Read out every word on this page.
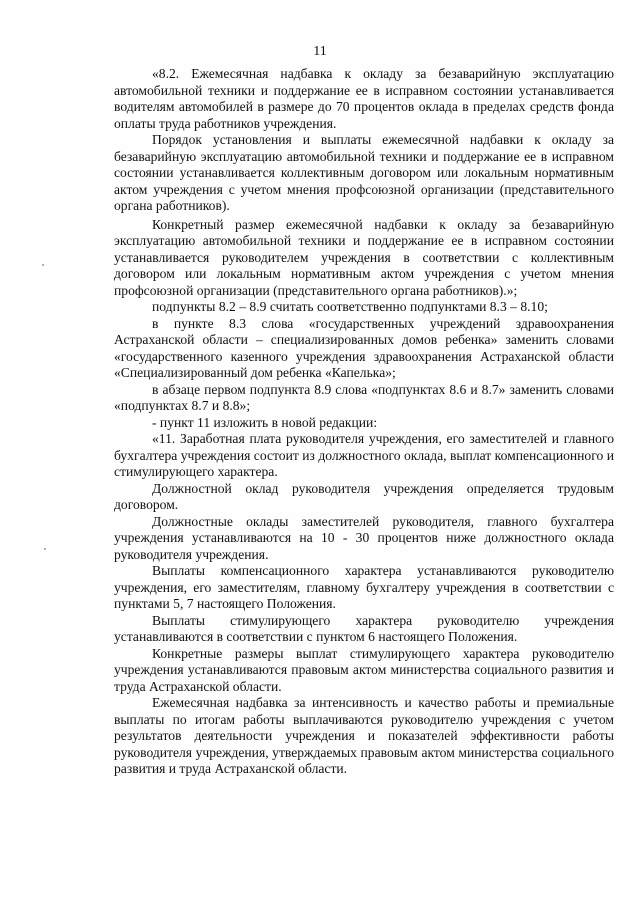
11

«8.2. Ежемесячная надбавка к окладу за безаварийную эксплуатацию автомобильной техники и поддержание ее в исправном состоянии устанавливается водителям автомобилей в размере до 70 процентов оклада в пределах средств фонда оплаты труда работников учреждения.

Порядок установления и выплаты ежемесячной надбавки к окладу за безаварийную эксплуатацию автомобильной техники и поддержание ее в исправном состоянии устанавливается коллективным договором или локальным нормативным актом учреждения с учетом мнения профсоюзной организации (представительного органа работников).

Конкретный размер ежемесячной надбавки к окладу за безаварийную эксплуатацию автомобильной техники и поддержание ее в исправном состоянии устанавливается руководителем учреждения в соответствии с коллективным договором или локальным нормативным актом учреждения с учетом мнения профсоюзной организации (представительного органа работников).»;

подпункты 8.2 – 8.9 считать соответственно подпунктами 8.3 – 8.10;

в пункте 8.3 слова «государственных учреждений здравоохранения Астраханской области – специализированных домов ребенка» заменить словами «государственного казенного учреждения здравоохранения Астраханской области «Специализированный дом ребенка «Капелька»;

в абзаце первом подпункта 8.9 слова «подпунктах 8.6 и 8.7» заменить словами «подпунктах 8.7 и 8.8»;

- пункт 11 изложить в новой редакции:

«11. Заработная плата руководителя учреждения, его заместителей и главного бухгалтера учреждения состоит из должностного оклада, выплат компенсационного и стимулирующего характера.

Должностной оклад руководителя учреждения определяется трудовым договором.

Должностные оклады заместителей руководителя, главного бухгалтера учреждения устанавливаются на 10 - 30 процентов ниже должностного оклада руководителя учреждения.

Выплаты компенсационного характера устанавливаются руководителю учреждения, его заместителям, главному бухгалтеру учреждения в соответствии с пунктами 5, 7 настоящего Положения.

Выплаты стимулирующего характера руководителю учреждения устанавливаются в соответствии с пунктом 6 настоящего Положения.

Конкретные размеры выплат стимулирующего характера руководителю учреждения устанавливаются правовым актом министерства социального развития и труда Астраханской области.

Ежемесячная надбавка за интенсивность и качество работы и премиальные выплаты по итогам работы выплачиваются руководителю учреждения с учетом результатов деятельности учреждения и показателей эффективности работы руководителя учреждения, утверждаемых правовым актом министерства социального развития и труда Астраханской области.
